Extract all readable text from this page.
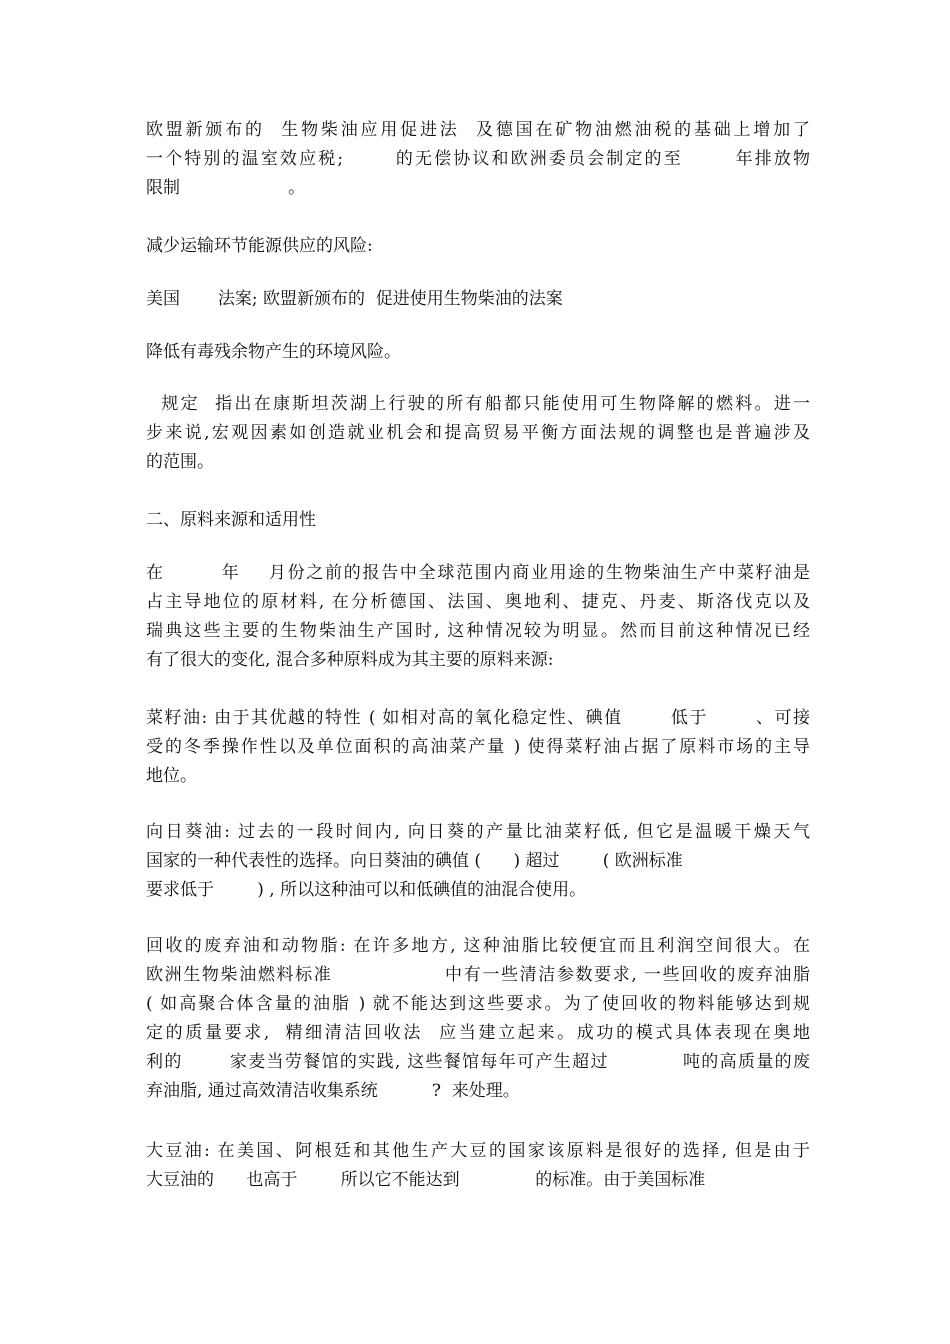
欧盟新颁布的  生物柴油应用促进法  及德国在矿物油燃油税的基础上增加了
一个特别的温室效应税;       的无偿协议和欧洲委员会制定的至       年排放物
限制                    。
减少运输环节能源供应的风险:
美国       法案; 欧盟新颁布的  促进使用生物柴油的法案
降低有毒残余物产生的环境风险。
规定  指出在康斯坦茨湖上行驶的所有船都只能使用可生物降解的燃料。进一
步来说,宏观因素如创造就业机会和提高贸易平衡方面法规的调整也是普遍涉及
的范围。
二、原料来源和适用性
在        年    月份之前的报告中全球范围内商业用途的生物柴油生产中菜籽油是
占主导地位的原材料, 在分析德国、法国、奥地利、捷克、丹麦、斯洛伐克以及
瑞典这些主要的生物柴油生产国时, 这种情况较为明显。然而目前这种情况已经
有了很大的变化, 混合多种原料成为其主要的原料来源:
菜籽油: 由于其优越的特性 ( 如相对高的氧化稳定性、碘值       低于       、可接
受的冬季操作性以及单位面积的高油菜产量 ) 使得菜籽油占据了原料市场的主导
地位。
向日葵油: 过去的一段时间内, 向日葵的产量比油菜籽低, 但它是温暖干燥天气
国家的一种代表性的选择。向日葵油的碘值 (      ) 超过        ( 欧洲标准
要求低于        ) , 所以这种油可以和低碘值的油混合使用。
回收的废弃油和动物脂: 在许多地方, 这种油脂比较便宜而且利润空间很大。在
欧洲生物柴油燃料标准                中有一些清洁参数要求, 一些回收的废弃油脂
( 如高聚合体含量的油脂 ) 就不能达到这些要求。为了使回收的物料能够达到规
定的质量要求,  精细清洁回收法  应当建立起来。成功的模式具体表现在奥地
利的       家麦当劳餐馆的实践, 这些餐馆每年可产生超过           吨的高质量的废
弃油脂, 通过高效清洁收集系统          ?  来处理。
大豆油: 在美国、阿根廷和其他生产大豆的国家该原料是很好的选择, 但是由于
大豆油的      也高于        所以它不能达到              的标准。由于美国标准
